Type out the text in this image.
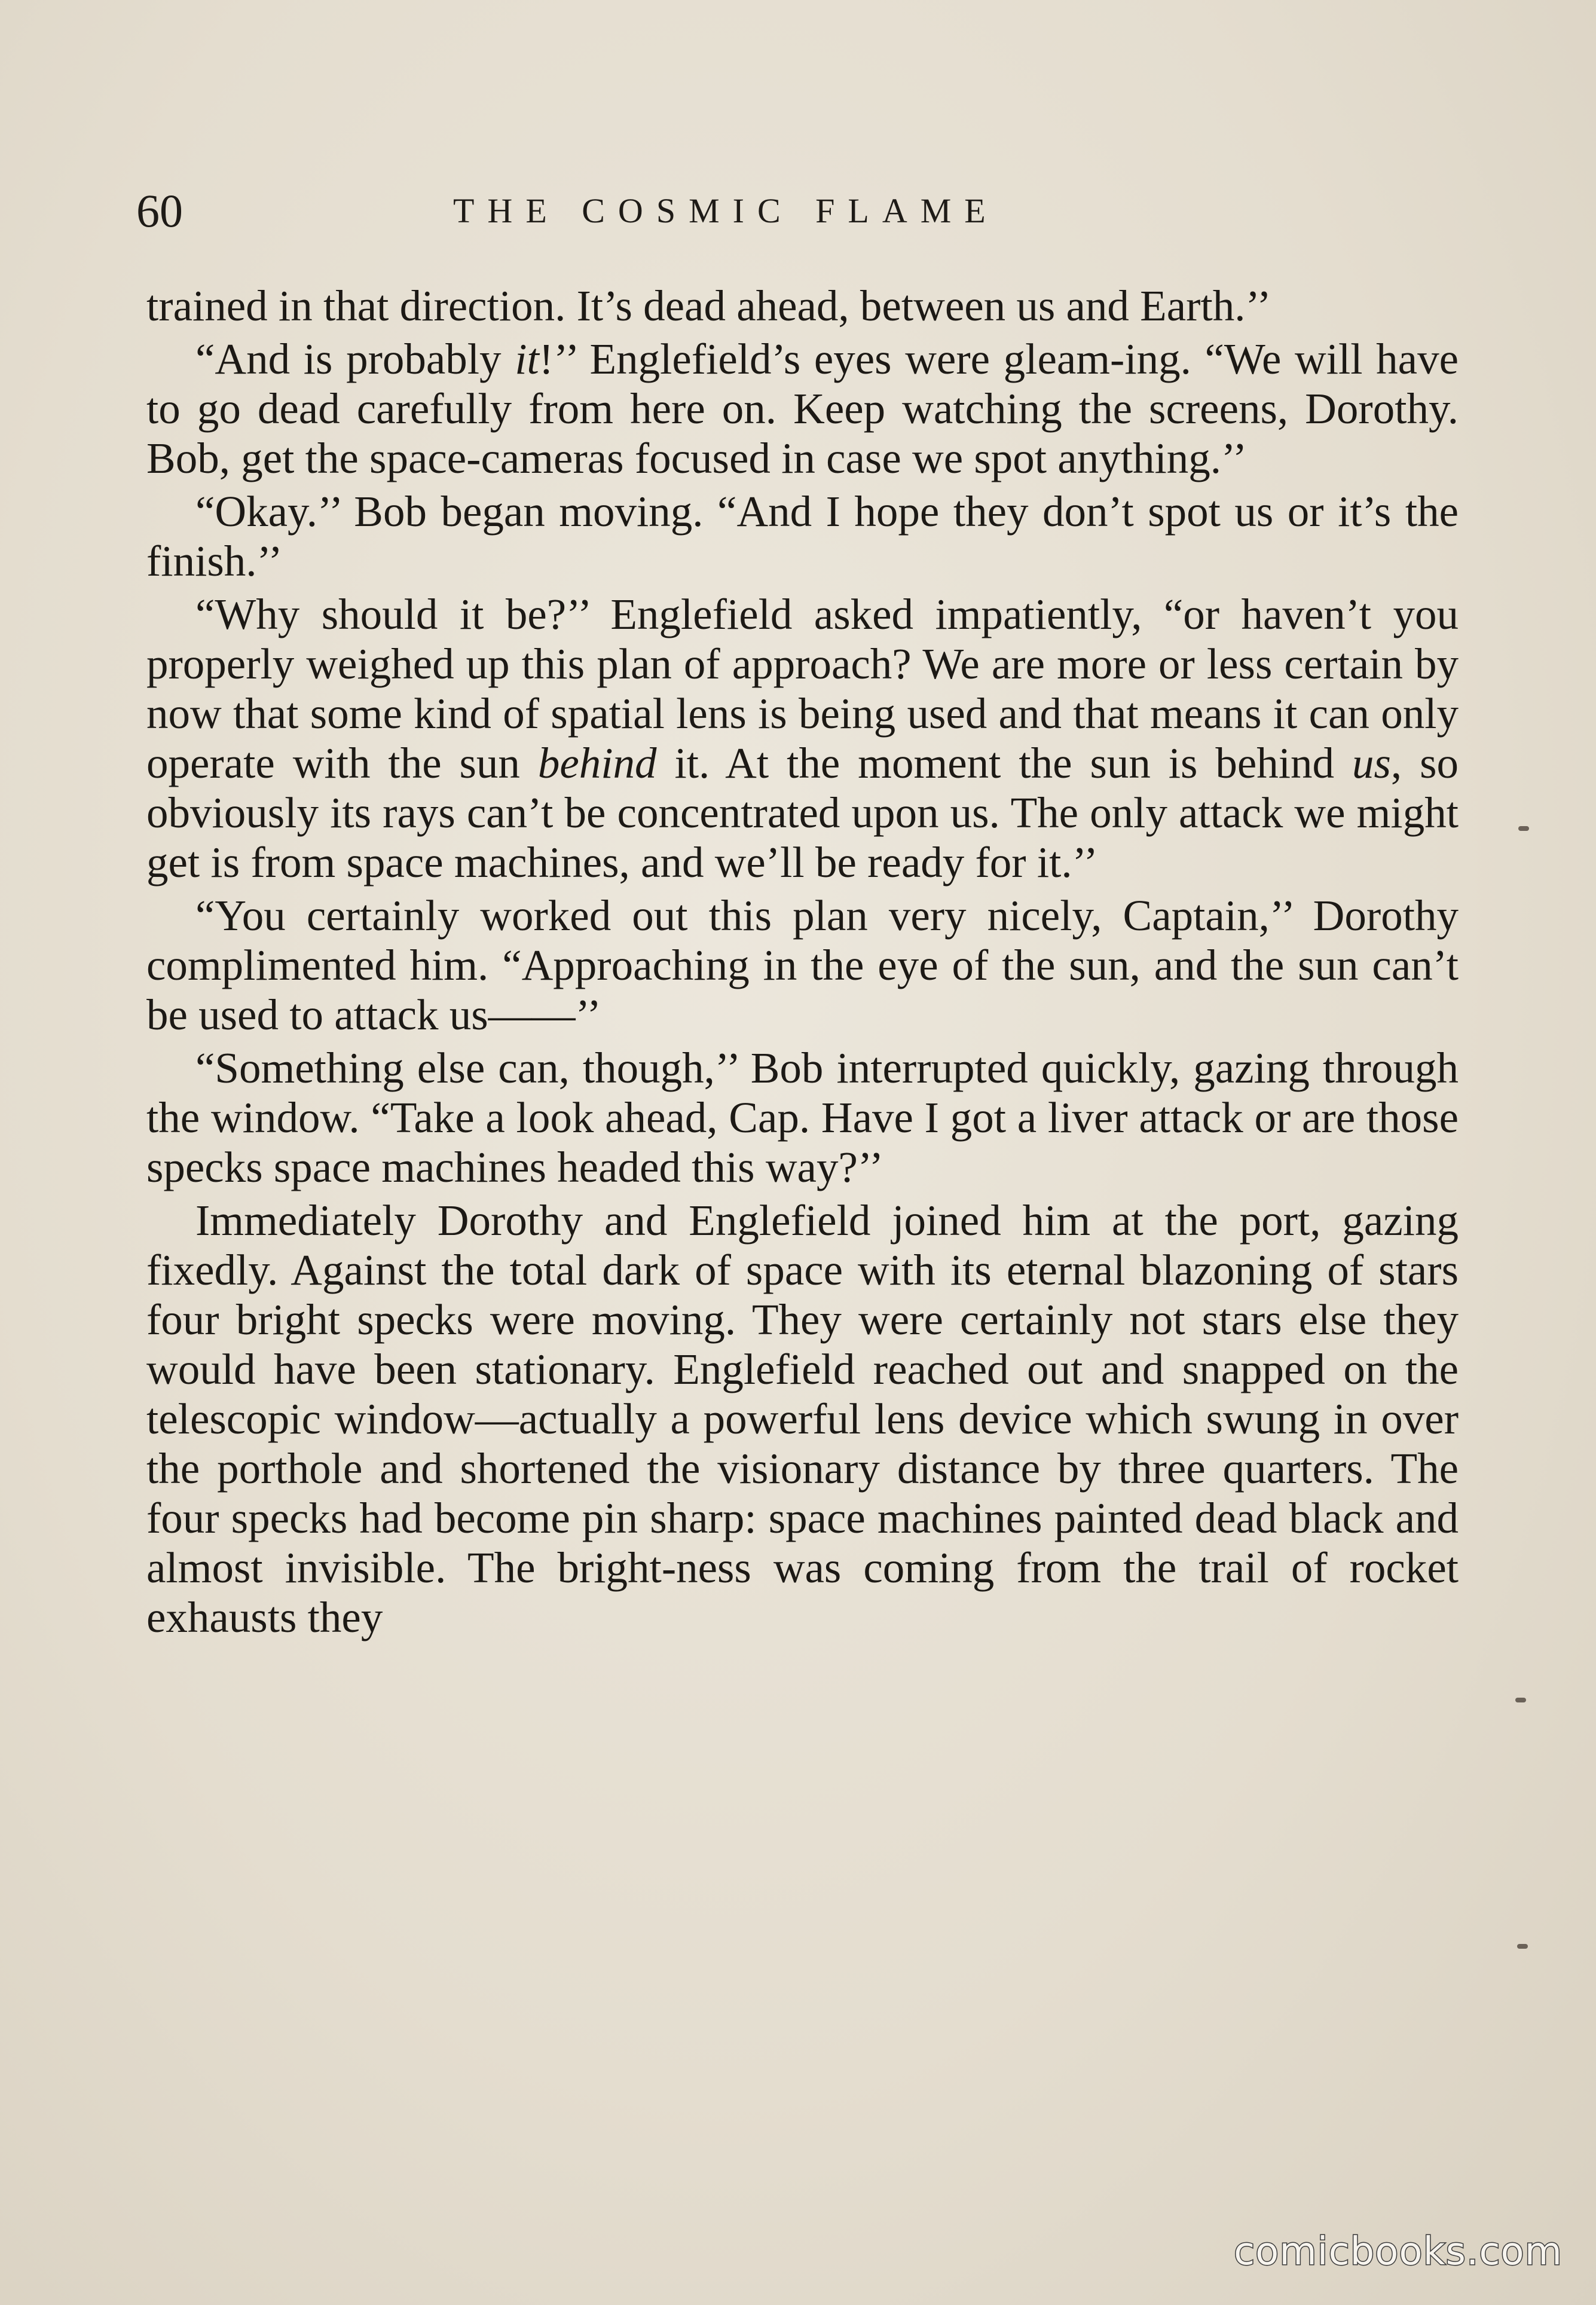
60	THE COSMIC FLAME

trained in that direction. It’s dead ahead, between us and Earth.’’

“And is probably it!’’ Englefield’s eyes were gleam-ing. “We will have to go dead carefully from here on. Keep watching the screens, Dorothy. Bob, get the space-cameras focused in case we spot anything.’’

“Okay.’’ Bob began moving. “And I hope they don’t spot us or it’s the finish.’’

“Why should it be?’’ Englefield asked impatiently, “or haven’t you properly weighed up this plan of approach? We are more or less certain by now that some kind of spatial lens is being used and that means it can only operate with the sun behind it. At the moment the sun is behind us, so obviously its rays can’t be concentrated upon us. The only attack we might get is from space machines, and we’ll be ready for it.’’

“You certainly worked out this plan very nicely, Captain,’’ Dorothy complimented him. “Approaching in the eye of the sun, and the sun can’t be used to attack us——’’

“Something else can, though,’’ Bob interrupted quickly, gazing through the window. “Take a look ahead, Cap. Have I got a liver attack or are those specks space machines headed this way?’’

Immediately Dorothy and Englefield joined him at the port, gazing fixedly. Against the total dark of space with its eternal blazoning of stars four bright specks were moving. They were certainly not stars else they would have been stationary. Englefield reached out and snapped on the telescopic window—actually a powerful lens device which swung in over the porthole and shortened the visionary distance by three quarters. The four specks had become pin sharp: space machines painted dead black and almost invisible. The bright-ness was coming from the trail of rocket exhausts they

comicbooks.com
